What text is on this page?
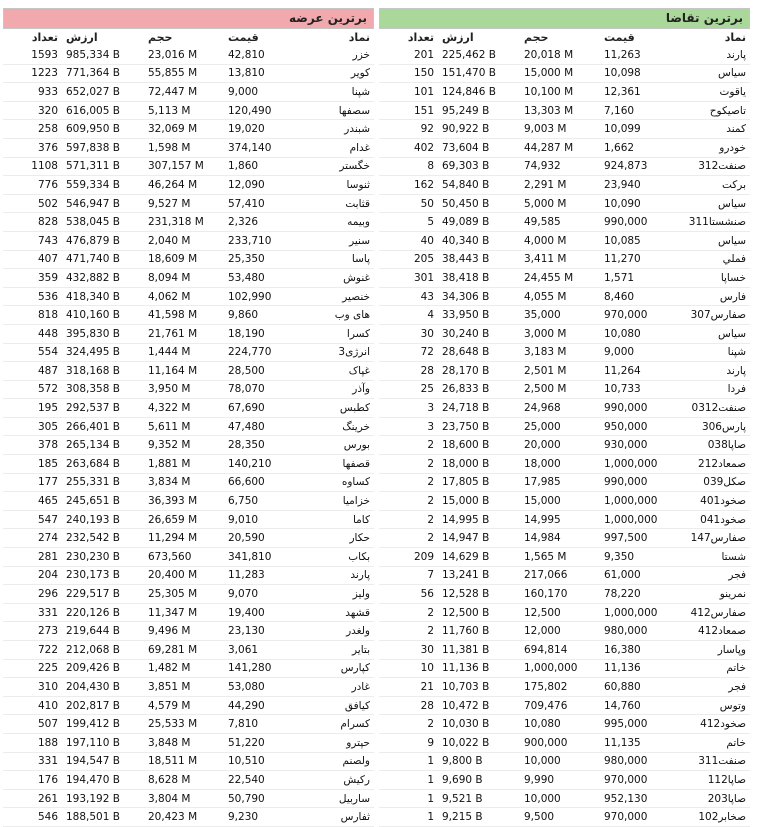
برترین تقاضا
نماد	قیمت	حجم	ارزش	تعداد
پارند	11,263	20,018 M	225,462 B	201
سیاس	10,098	15,000 M	151,470 B	150
یاقوت	12,361	10,100 M	124,846 B	101
تاصیکوح	7,160	13,303 M	95,249 B	151
کمند	10,099	9,003 M	90,922 B	92
خودرو	1,662	44,287 M	73,604 B	402
صنفت312	924,873	74,932	69,303 B	8
برکت	23,940	2,291 M	54,840 B	162
سیاس	10,090	5,000 M	50,450 B	50
صنشستا311	990,000	49,585	49,089 B	5
سیاس	10,085	4,000 M	40,340 B	40
فملي	11,270	3,411 M	38,443 B	205
خساپا	1,571	24,455 M	38,418 B	301
فارس	8,460	4,055 M	34,306 B	43
صفارس307	970,000	35,000	33,950 B	4
سیاس	10,080	3,000 M	30,240 B	30
شپنا	9,000	3,183 M	28,648 B	72
پارند	11,264	2,501 M	28,170 B	28
فردا	10,733	2,500 M	26,833 B	25
صنفت0312	990,000	24,968	24,718 B	3
پارس306	950,000	25,000	23,750 B	3
صاپا038	930,000	20,000	18,600 B	2
صمعاد212	1,000,000	18,000	18,000 B	2
صکل039	990,000	17,985	17,805 B	2
صخود401	1,000,000	15,000	15,000 B	2
صخود041	1,000,000	14,995	14,995 B	2
صفارس147	997,500	14,984	14,947 B	2
شستا	9,350	1,565 M	14,629 B	209
فجر	61,000	217,066	13,241 B	7
نمرینو	78,220	160,170	12,528 B	56
صفارس412	1,000,000	12,500	12,500 B	2
صمعاد412	980,000	12,000	11,760 B	2
وپاسار	16,380	694,814	11,381 B	30
خاتم	11,136	1,000,000	11,136 B	10
فجر	60,880	175,802	10,703 B	21
وتوس	14,760	709,476	10,472 B	28
صخود412	995,000	10,080	10,030 B	2
خاتم	11,135	900,000	10,022 B	9
صنفت311	980,000	10,000	9,800 B	1
صاپا112	970,000	9,990	9,690 B	1
صاپا203	952,130	10,000	9,521 B	1
صخابر102	970,000	9,500	9,215 B	1
برترین عرضه
نماد	قیمت	حجم	ارزش	تعداد
خزر	42,810	23,016 M	985,334 B	1593
کویر	13,810	55,855 M	771,364 B	1223
شپنا	9,000	72,447 M	652,027 B	933
سصفها	120,490	5,113 M	616,005 B	320
شبندر	19,020	32,069 M	609,950 B	258
غدام	374,140	1,598 M	597,838 B	376
خگستر	1,860	307,157 M	571,311 B	1108
ثنوسا	12,090	46,264 M	559,334 B	776
قثابت	57,410	9,527 M	546,947 B	502
وبیمه	2,326	231,318 M	538,045 B	828
سنیر	233,710	2,040 M	476,879 B	743
پاسا	25,350	18,609 M	471,740 B	407
غنوش	53,480	8,094 M	432,882 B	359
خنصیر	102,990	4,062 M	418,340 B	536
های وب	9,860	41,598 M	410,160 B	818
کسرا	18,190	21,761 M	395,830 B	448
انرژی3	224,770	1,444 M	324,495 B	554
غپاک	28,500	11,164 M	318,168 B	487
وآذر	78,070	3,950 M	308,358 B	572
کطبس	67,690	4,322 M	292,537 B	195
خرینگ	47,480	5,611 M	266,401 B	305
بورس	28,350	9,352 M	265,134 B	378
قصفها	140,210	1,881 M	263,684 B	185
کساوه	66,600	3,834 M	255,331 B	177
خزامیا	6,750	36,393 M	245,651 B	465
کاما	9,010	26,659 M	240,193 B	547
حکار	20,590	11,294 M	232,542 B	274
بکاب	341,810	673,560	230,230 B	281
پارند	11,283	20,400 M	230,173 B	204
ولیز	9,070	25,305 M	229,517 B	296
قشهد	19,400	11,347 M	220,126 B	331
ولغدر	23,130	9,496 M	219,644 B	273
بتایر	3,061	69,281 M	212,068 B	722
کپارس	141,280	1,482 M	209,426 B	225
غادر	53,080	3,851 M	204,430 B	310
کیافق	44,290	4,579 M	202,817 B	410
کسرام	7,810	25,533 M	199,412 B	507
حپترو	51,220	3,848 M	197,110 B	188
ولصنم	10,510	18,511 M	194,547 B	331
رکیش	22,540	8,628 M	194,470 B	176
ساربیل	50,790	3,804 M	193,192 B	261
ثفارس	9,230	20,423 M	188,501 B	546
